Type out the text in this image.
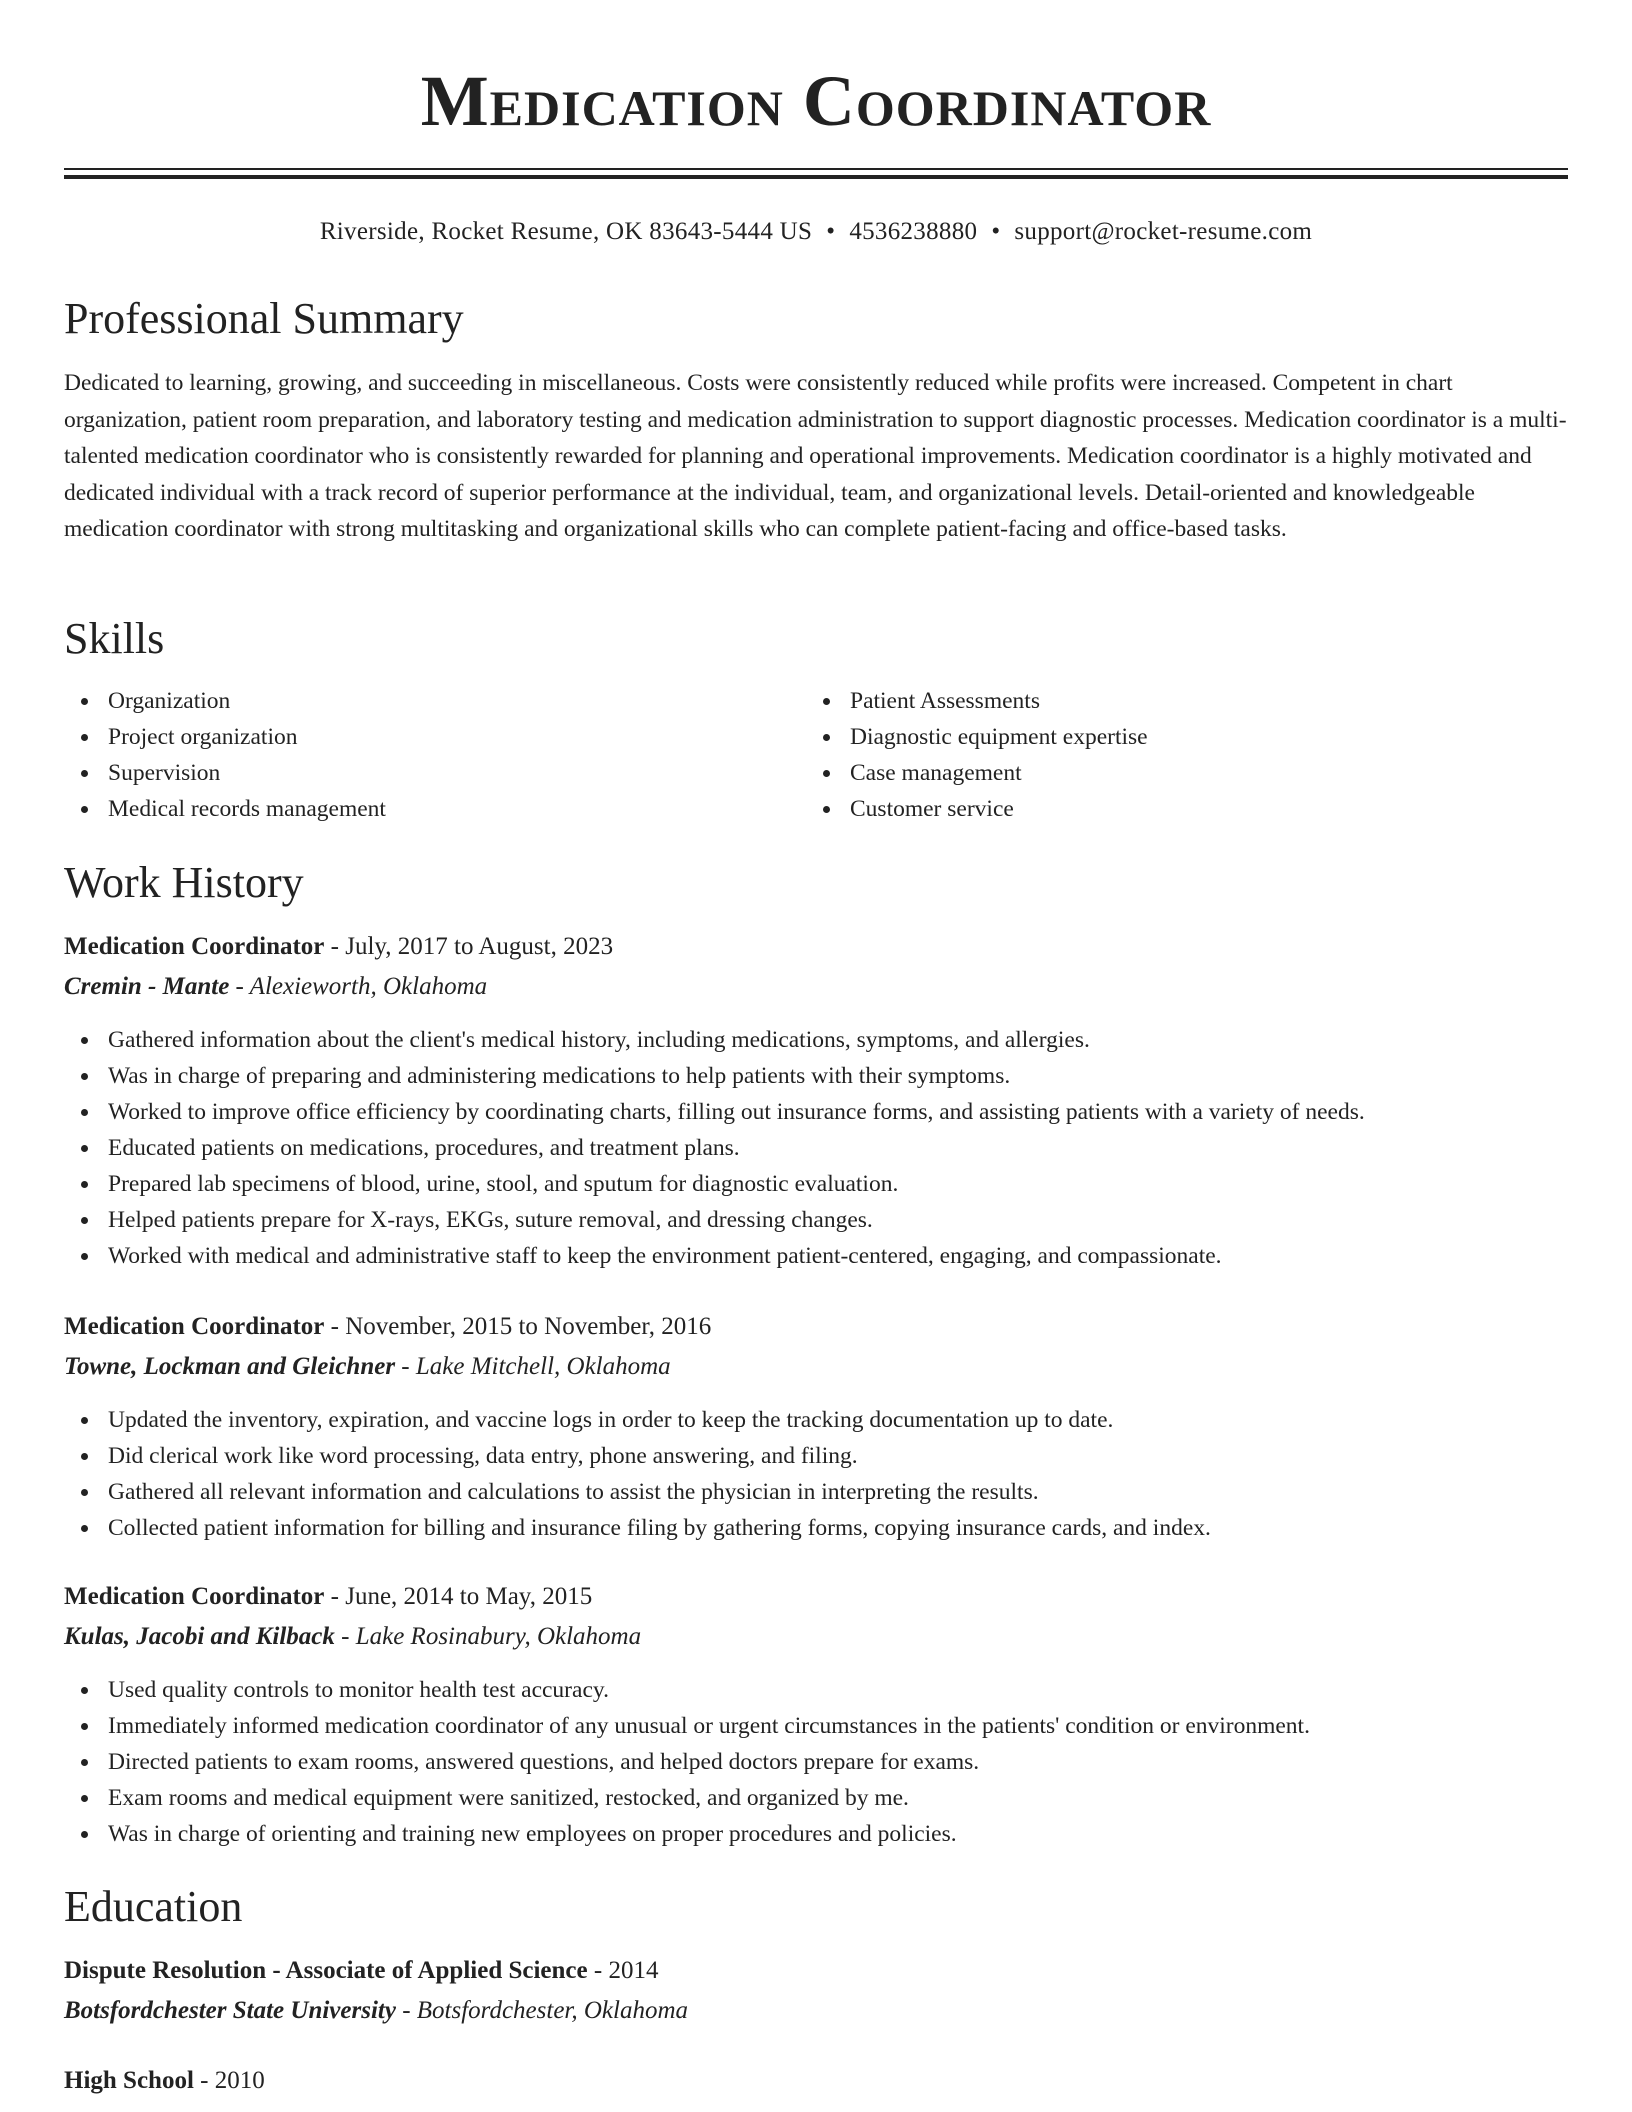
Medication Coordinator
Riverside, Rocket Resume, OK 83643-5444 US • 4536238880 • support@rocket-resume.com
Professional Summary
Dedicated to learning, growing, and succeeding in miscellaneous. Costs were consistently reduced while profits were increased. Competent in chart organization, patient room preparation, and laboratory testing and medication administration to support diagnostic processes. Medication coordinator is a multi-talented medication coordinator who is consistently rewarded for planning and operational improvements. Medication coordinator is a highly motivated and dedicated individual with a track record of superior performance at the individual, team, and organizational levels. Detail-oriented and knowledgeable medication coordinator with strong multitasking and organizational skills who can complete patient-facing and office-based tasks.
Skills
Organization
Project organization
Supervision
Medical records management
Patient Assessments
Diagnostic equipment expertise
Case management
Customer service
Work History
Medication Coordinator - July, 2017 to August, 2023
Cremin - Mante - Alexieworth, Oklahoma
Gathered information about the client's medical history, including medications, symptoms, and allergies.
Was in charge of preparing and administering medications to help patients with their symptoms.
Worked to improve office efficiency by coordinating charts, filling out insurance forms, and assisting patients with a variety of needs.
Educated patients on medications, procedures, and treatment plans.
Prepared lab specimens of blood, urine, stool, and sputum for diagnostic evaluation.
Helped patients prepare for X-rays, EKGs, suture removal, and dressing changes.
Worked with medical and administrative staff to keep the environment patient-centered, engaging, and compassionate.
Medication Coordinator - November, 2015 to November, 2016
Towne, Lockman and Gleichner - Lake Mitchell, Oklahoma
Updated the inventory, expiration, and vaccine logs in order to keep the tracking documentation up to date.
Did clerical work like word processing, data entry, phone answering, and filing.
Gathered all relevant information and calculations to assist the physician in interpreting the results.
Collected patient information for billing and insurance filing by gathering forms, copying insurance cards, and index.
Medication Coordinator - June, 2014 to May, 2015
Kulas, Jacobi and Kilback - Lake Rosinabury, Oklahoma
Used quality controls to monitor health test accuracy.
Immediately informed medication coordinator of any unusual or urgent circumstances in the patients' condition or environment.
Directed patients to exam rooms, answered questions, and helped doctors prepare for exams.
Exam rooms and medical equipment were sanitized, restocked, and organized by me.
Was in charge of orienting and training new employees on proper procedures and policies.
Education
Dispute Resolution - Associate of Applied Science - 2014
Botsfordchester State University - Botsfordchester, Oklahoma
High School - 2010
